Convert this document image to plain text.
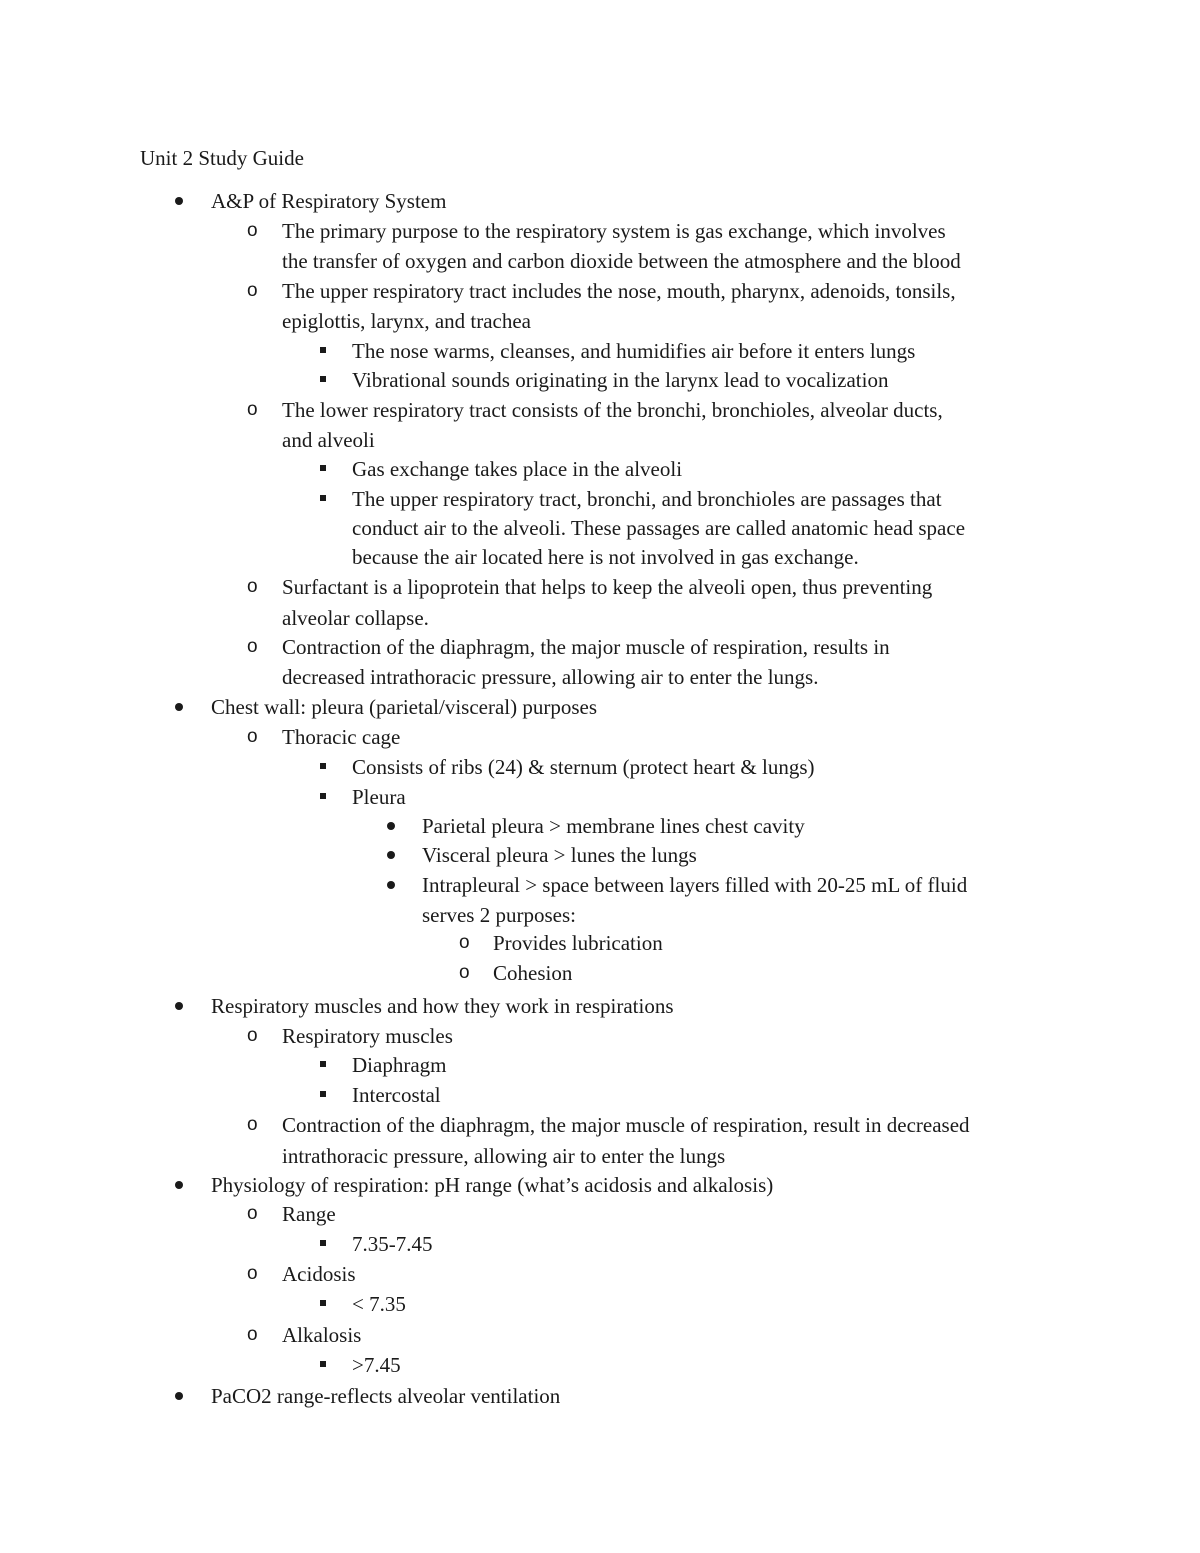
Unit 2 Study Guide
A&P of Respiratory System
o The primary purpose to the respiratory system is gas exchange, which involves
the transfer of oxygen and carbon dioxide between the atmosphere and the blood
o The upper respiratory tract includes the nose, mouth, pharynx, adenoids, tonsils,
epiglottis, larynx, and trachea
The nose warms, cleanses, and humidifies air before it enters lungs
Vibrational sounds originating in the larynx lead to vocalization
o The lower respiratory tract consists of the bronchi, bronchioles, alveolar ducts,
and alveoli
Gas exchange takes place in the alveoli
The upper respiratory tract, bronchi, and bronchioles are passages that
conduct air to the alveoli. These passages are called anatomic head space
because the air located here is not involved in gas exchange.
o Surfactant is a lipoprotein that helps to keep the alveoli open, thus preventing
alveolar collapse.
o Contraction of the diaphragm, the major muscle of respiration, results in
decreased intrathoracic pressure, allowing air to enter the lungs.
Chest wall: pleura (parietal/visceral) purposes
o Thoracic cage
Consists of ribs (24) & sternum (protect heart & lungs)
Pleura
Parietal pleura > membrane lines chest cavity
Visceral pleura > lunes the lungs
Intrapleural > space between layers filled with 20-25 mL of fluid
serves 2 purposes:
o Provides lubrication
o Cohesion
Respiratory muscles and how they work in respirations
o Respiratory muscles
Diaphragm
Intercostal
o Contraction of the diaphragm, the major muscle of respiration, result in decreased
intrathoracic pressure, allowing air to enter the lungs
Physiology of respiration: pH range (what’s acidosis and alkalosis)
o Range
7.35-7.45
o Acidosis
< 7.35
o Alkalosis
>7.45
PaCO2 range-reflects alveolar ventilation
